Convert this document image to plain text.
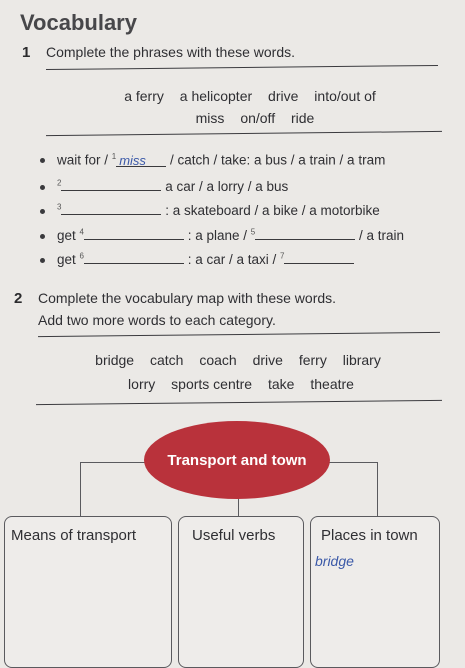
Vocabulary
1 Complete the phrases with these words.
a ferry a helicopter drive into/out of
miss on/off ride
wait for / $^1$ miss / catch / take: a bus / a train / a tram
$^2$	a car / a lorry / a bus
$^3$	: a skateboard / a bike / a motorbike
get $^4$	: a plane / $^5$	/ a train
get $^6$	: a car / a taxi / $^7$
2 Complete the vocabulary map with these words.
Add two more words to each category.
bridge catch coach drive ferry library
lorry sports centre take theatre
Transport and town
Means of transport	Useful verbs	Places in town
bridge
